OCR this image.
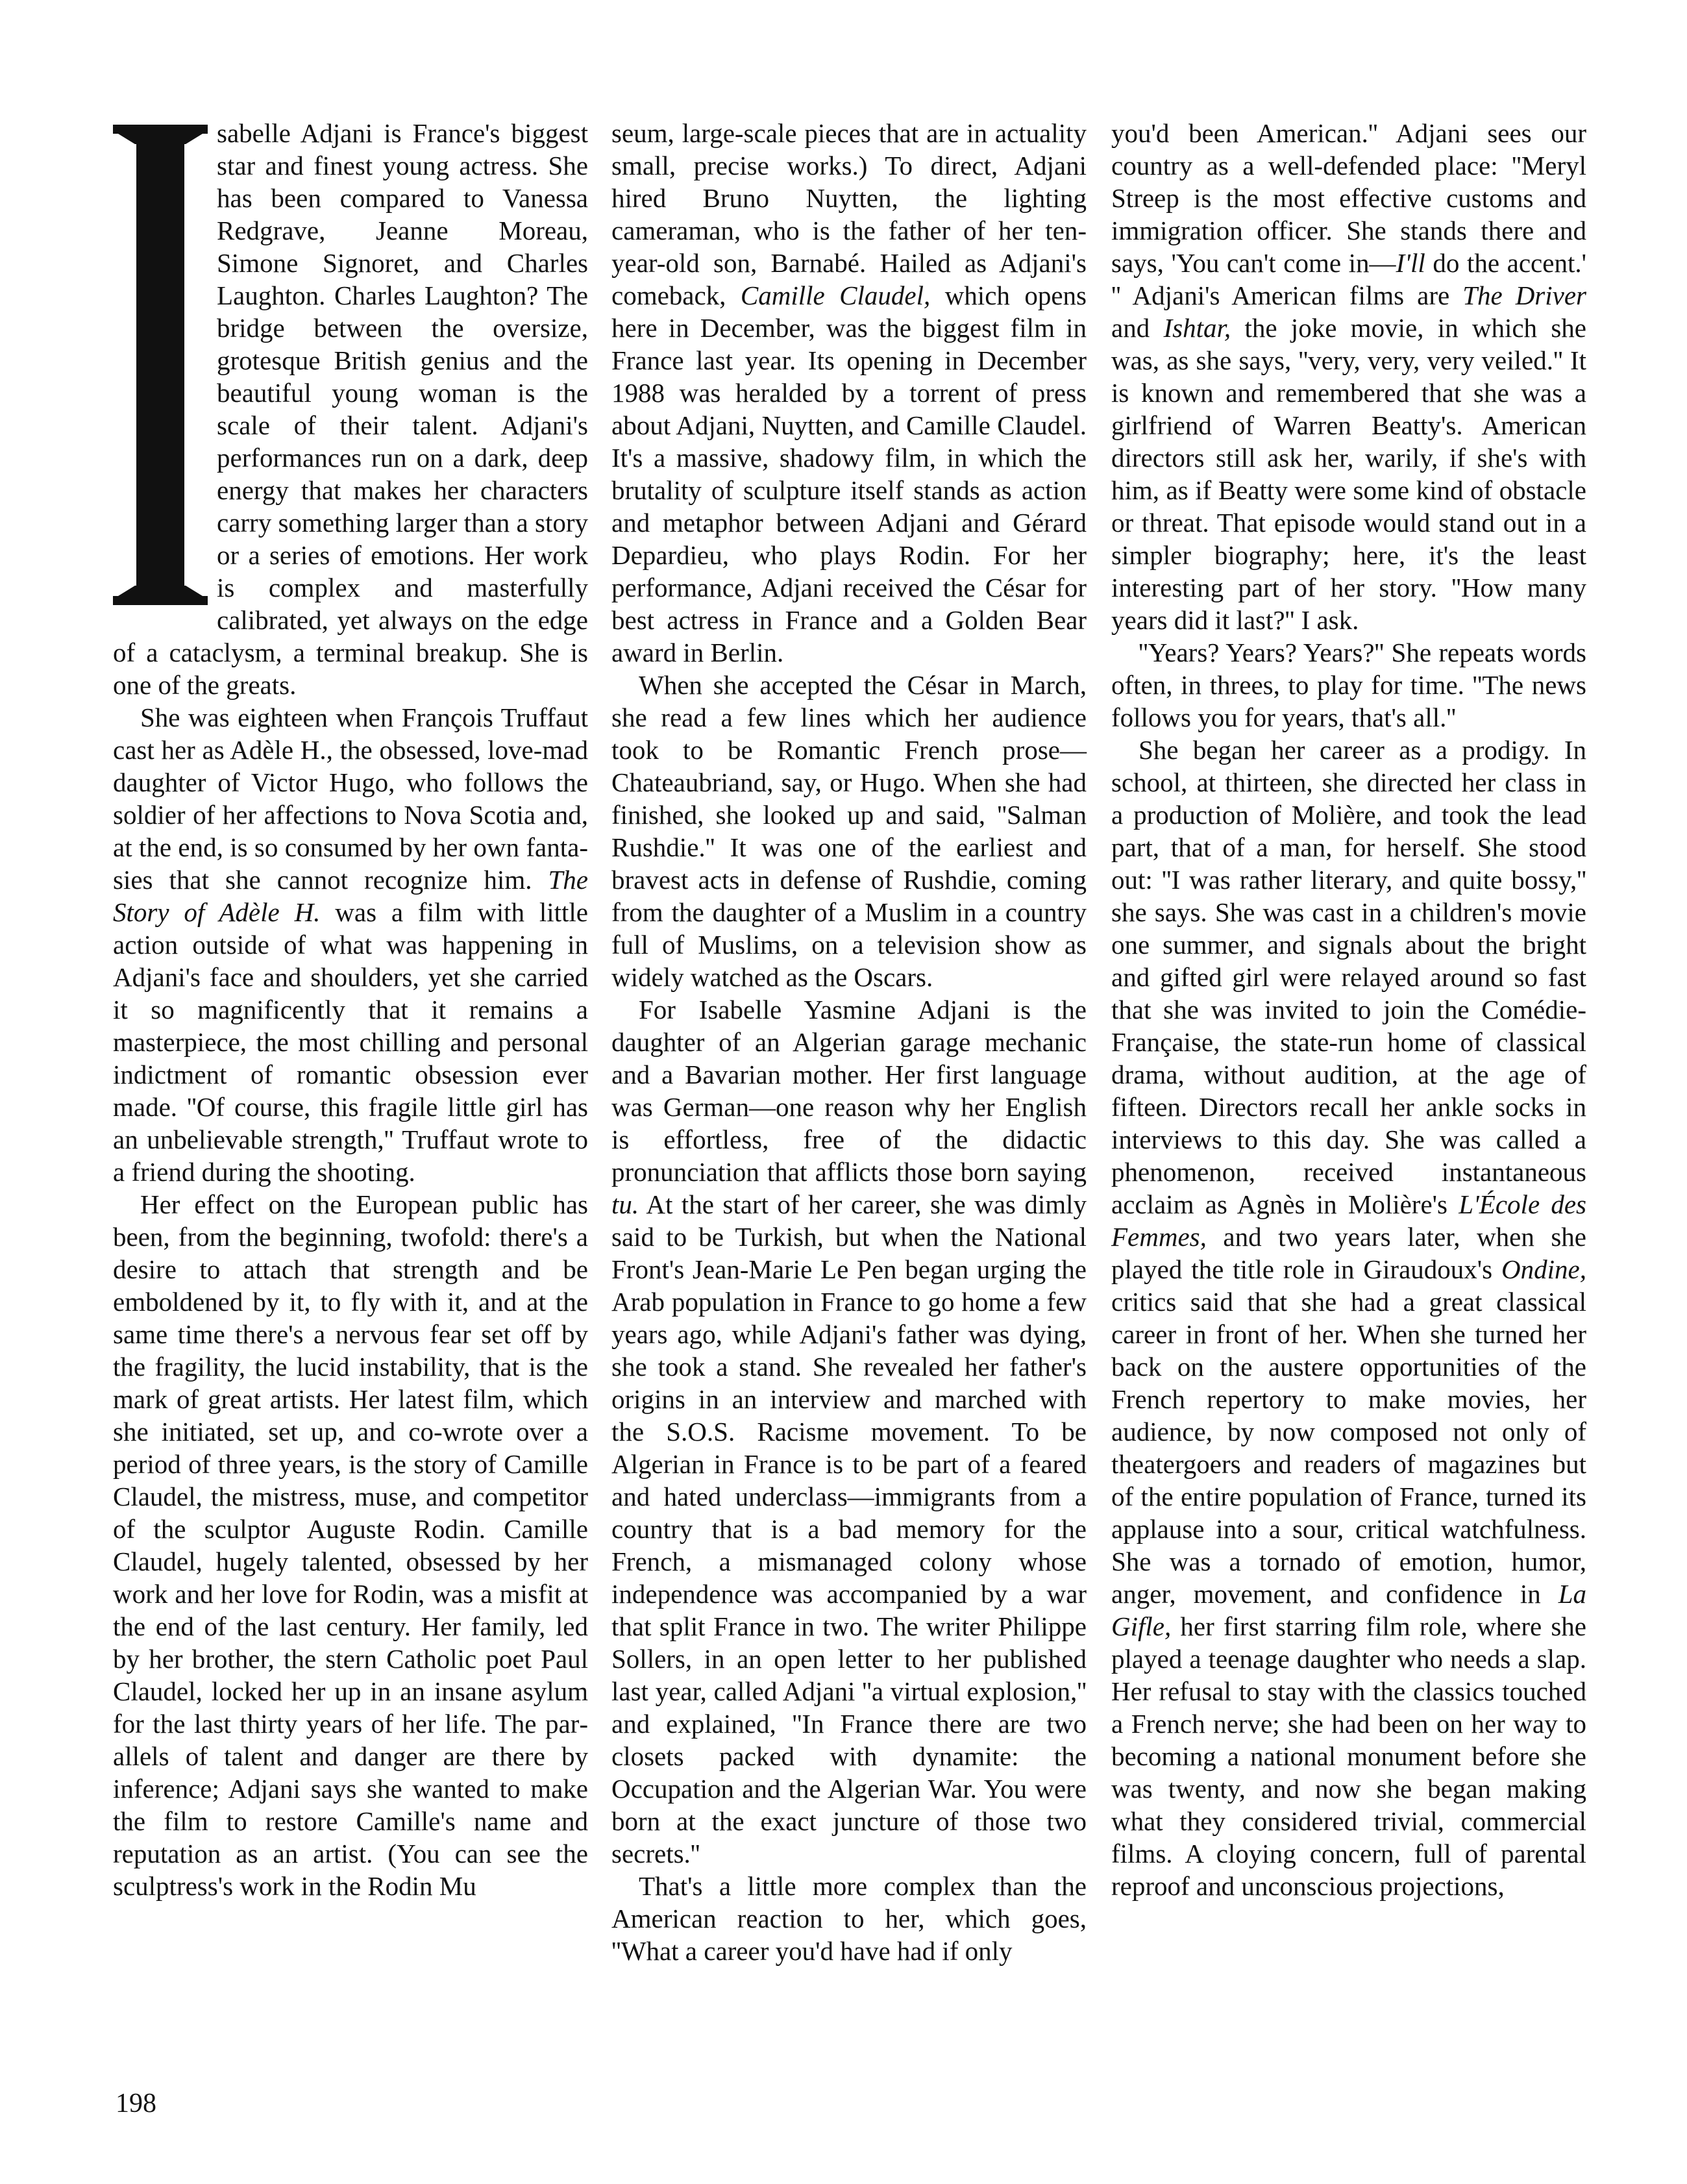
sabelle Adjani is France's biggest star and finest young actress. She has been compared to Vanessa Redgrave, Jeanne Moreau, Simone Signoret, and Charles Laughton. Charles Laughton? The bridge between the oversize, grotesque British genius and the beautiful young woman is the scale of their talent. Adjani's performances run on a dark, deep energy that makes her characters carry something larger than a story or a series of emotions. Her work is complex and masterfully calibrated, yet always on the edge of a cataclysm, a terminal breakup. She is one of the greats.

She was eighteen when François Truffaut cast her as Adèle H., the obsessed, love-mad daughter of Victor Hugo, who follows the soldier of her affections to Nova Scotia and, at the end, is so consumed by her own fantasies that she cannot recognize him. The Story of Adèle H. was a film with little action outside of what was happening in Adjani's face and shoulders, yet she carried it so magnificently that it remains a masterpiece, the most chilling and personal indictment of romantic obsession ever made. ''Of course, this fragile little girl has an unbelievable strength,'' Truffaut wrote to a friend during the shooting.

Her effect on the European public has been, from the beginning, twofold: there's a desire to attach that strength and be emboldened by it, to fly with it, and at the same time there's a nervous fear set off by the fragility, the lucid instability, that is the mark of great artists. Her latest film, which she initiated, set up, and co-wrote over a period of three years, is the story of Camille Claudel, the mistress, muse, and competitor of the sculptor Auguste Rodin. Camille Claudel, hugely talented, obsessed by her work and her love for Rodin, was a misfit at the end of the last century. Her family, led by her brother, the stern Catholic poet Paul Claudel, locked her up in an insane asylum for the last thirty years of her life. The parallels of talent and danger are there by inference; Adjani says she wanted to make the film to restore Camille's name and reputation as an artist. (You can see the sculptress's work in the Rodin Mu

seum, large-scale pieces that are in actuality small, precise works.) To direct, Adjani hired Bruno Nuytten, the lighting cameraman, who is the father of her ten-year-old son, Barnabé. Hailed as Adjani's comeback, Camille Claudel, which opens here in December, was the biggest film in France last year. Its opening in December 1988 was heralded by a torrent of press about Adjani, Nuytten, and Camille Claudel. It's a massive, shadowy film, in which the brutality of sculpture itself stands as action and metaphor between Adjani and Gérard Depardieu, who plays Rodin. For her performance, Adjani received the César for best actress in France and a Golden Bear award in Berlin.

When she accepted the César in March, she read a few lines which her audience took to be Romantic French prose—Chateaubriand, say, or Hugo. When she had finished, she looked up and said, ''Salman Rushdie.'' It was one of the earliest and bravest acts in defense of Rushdie, coming from the daughter of a Muslim in a country full of Muslims, on a television show as widely watched as the Oscars.

For Isabelle Yasmine Adjani is the daughter of an Algerian garage mechanic and a Bavarian mother. Her first language was German—one reason why her English is effortless, free of the didactic pronunciation that afflicts those born saying tu. At the start of her career, she was dimly said to be Turkish, but when the National Front's Jean-Marie Le Pen began urging the Arab population in France to go home a few years ago, while Adjani's father was dying, she took a stand. She revealed her father's origins in an interview and marched with the S.O.S. Racisme movement. To be Algerian in France is to be part of a feared and hated underclass—immigrants from a country that is a bad memory for the French, a mismanaged colony whose independence was accompanied by a war that split France in two. The writer Philippe Sollers, in an open letter to her published last year, called Adjani ''a virtual explosion,'' and explained, ''In France there are two closets packed with dynamite: the Occupation and the Algerian War. You were born at the exact juncture of those two secrets.''

That's a little more complex than the American reaction to her, which goes, ''What a career you'd have had if only

you'd been American.'' Adjani sees our country as a well-defended place: ''Meryl Streep is the most effective customs and immigration officer. She stands there and says, 'You can't come in—I'll do the accent.' '' Adjani's American films are The Driver and Ishtar, the joke movie, in which she was, as she says, ''very, very, very veiled.'' It is known and remembered that she was a girlfriend of Warren Beatty's. American directors still ask her, warily, if she's with him, as if Beatty were some kind of obstacle or threat. That episode would stand out in a simpler biography; here, it's the least interesting part of her story. ''How many years did it last?'' I ask.

''Years? Years? Years?'' She repeats words often, in threes, to play for time. ''The news follows you for years, that's all.''

She began her career as a prodigy. In school, at thirteen, she directed her class in a production of Molière, and took the lead part, that of a man, for herself. She stood out: ''I was rather literary, and quite bossy,'' she says. She was cast in a children's movie one summer, and signals about the bright and gifted girl were relayed around so fast that she was invited to join the Comédie-Française, the state-run home of classical drama, without audition, at the age of fifteen. Directors recall her ankle socks in interviews to this day. She was called a phenomenon, received instantaneous acclaim as Agnès in Molière's L'École des Femmes, and two years later, when she played the title role in Giraudoux's Ondine, critics said that she had a great classical career in front of her. When she turned her back on the austere opportunities of the French repertory to make movies, her audience, by now composed not only of theatergoers and readers of magazines but of the entire population of France, turned its applause into a sour, critical watchfulness. She was a tornado of emotion, humor, anger, movement, and confidence in La Gifle, her first starring film role, where she played a teenage daughter who needs a slap. Her refusal to stay with the classics touched a French nerve; she had been on her way to becoming a national monument before she was twenty, and now she began making what they considered trivial, commercial films. A cloying concern, full of parental reproof and unconscious projections,

198
